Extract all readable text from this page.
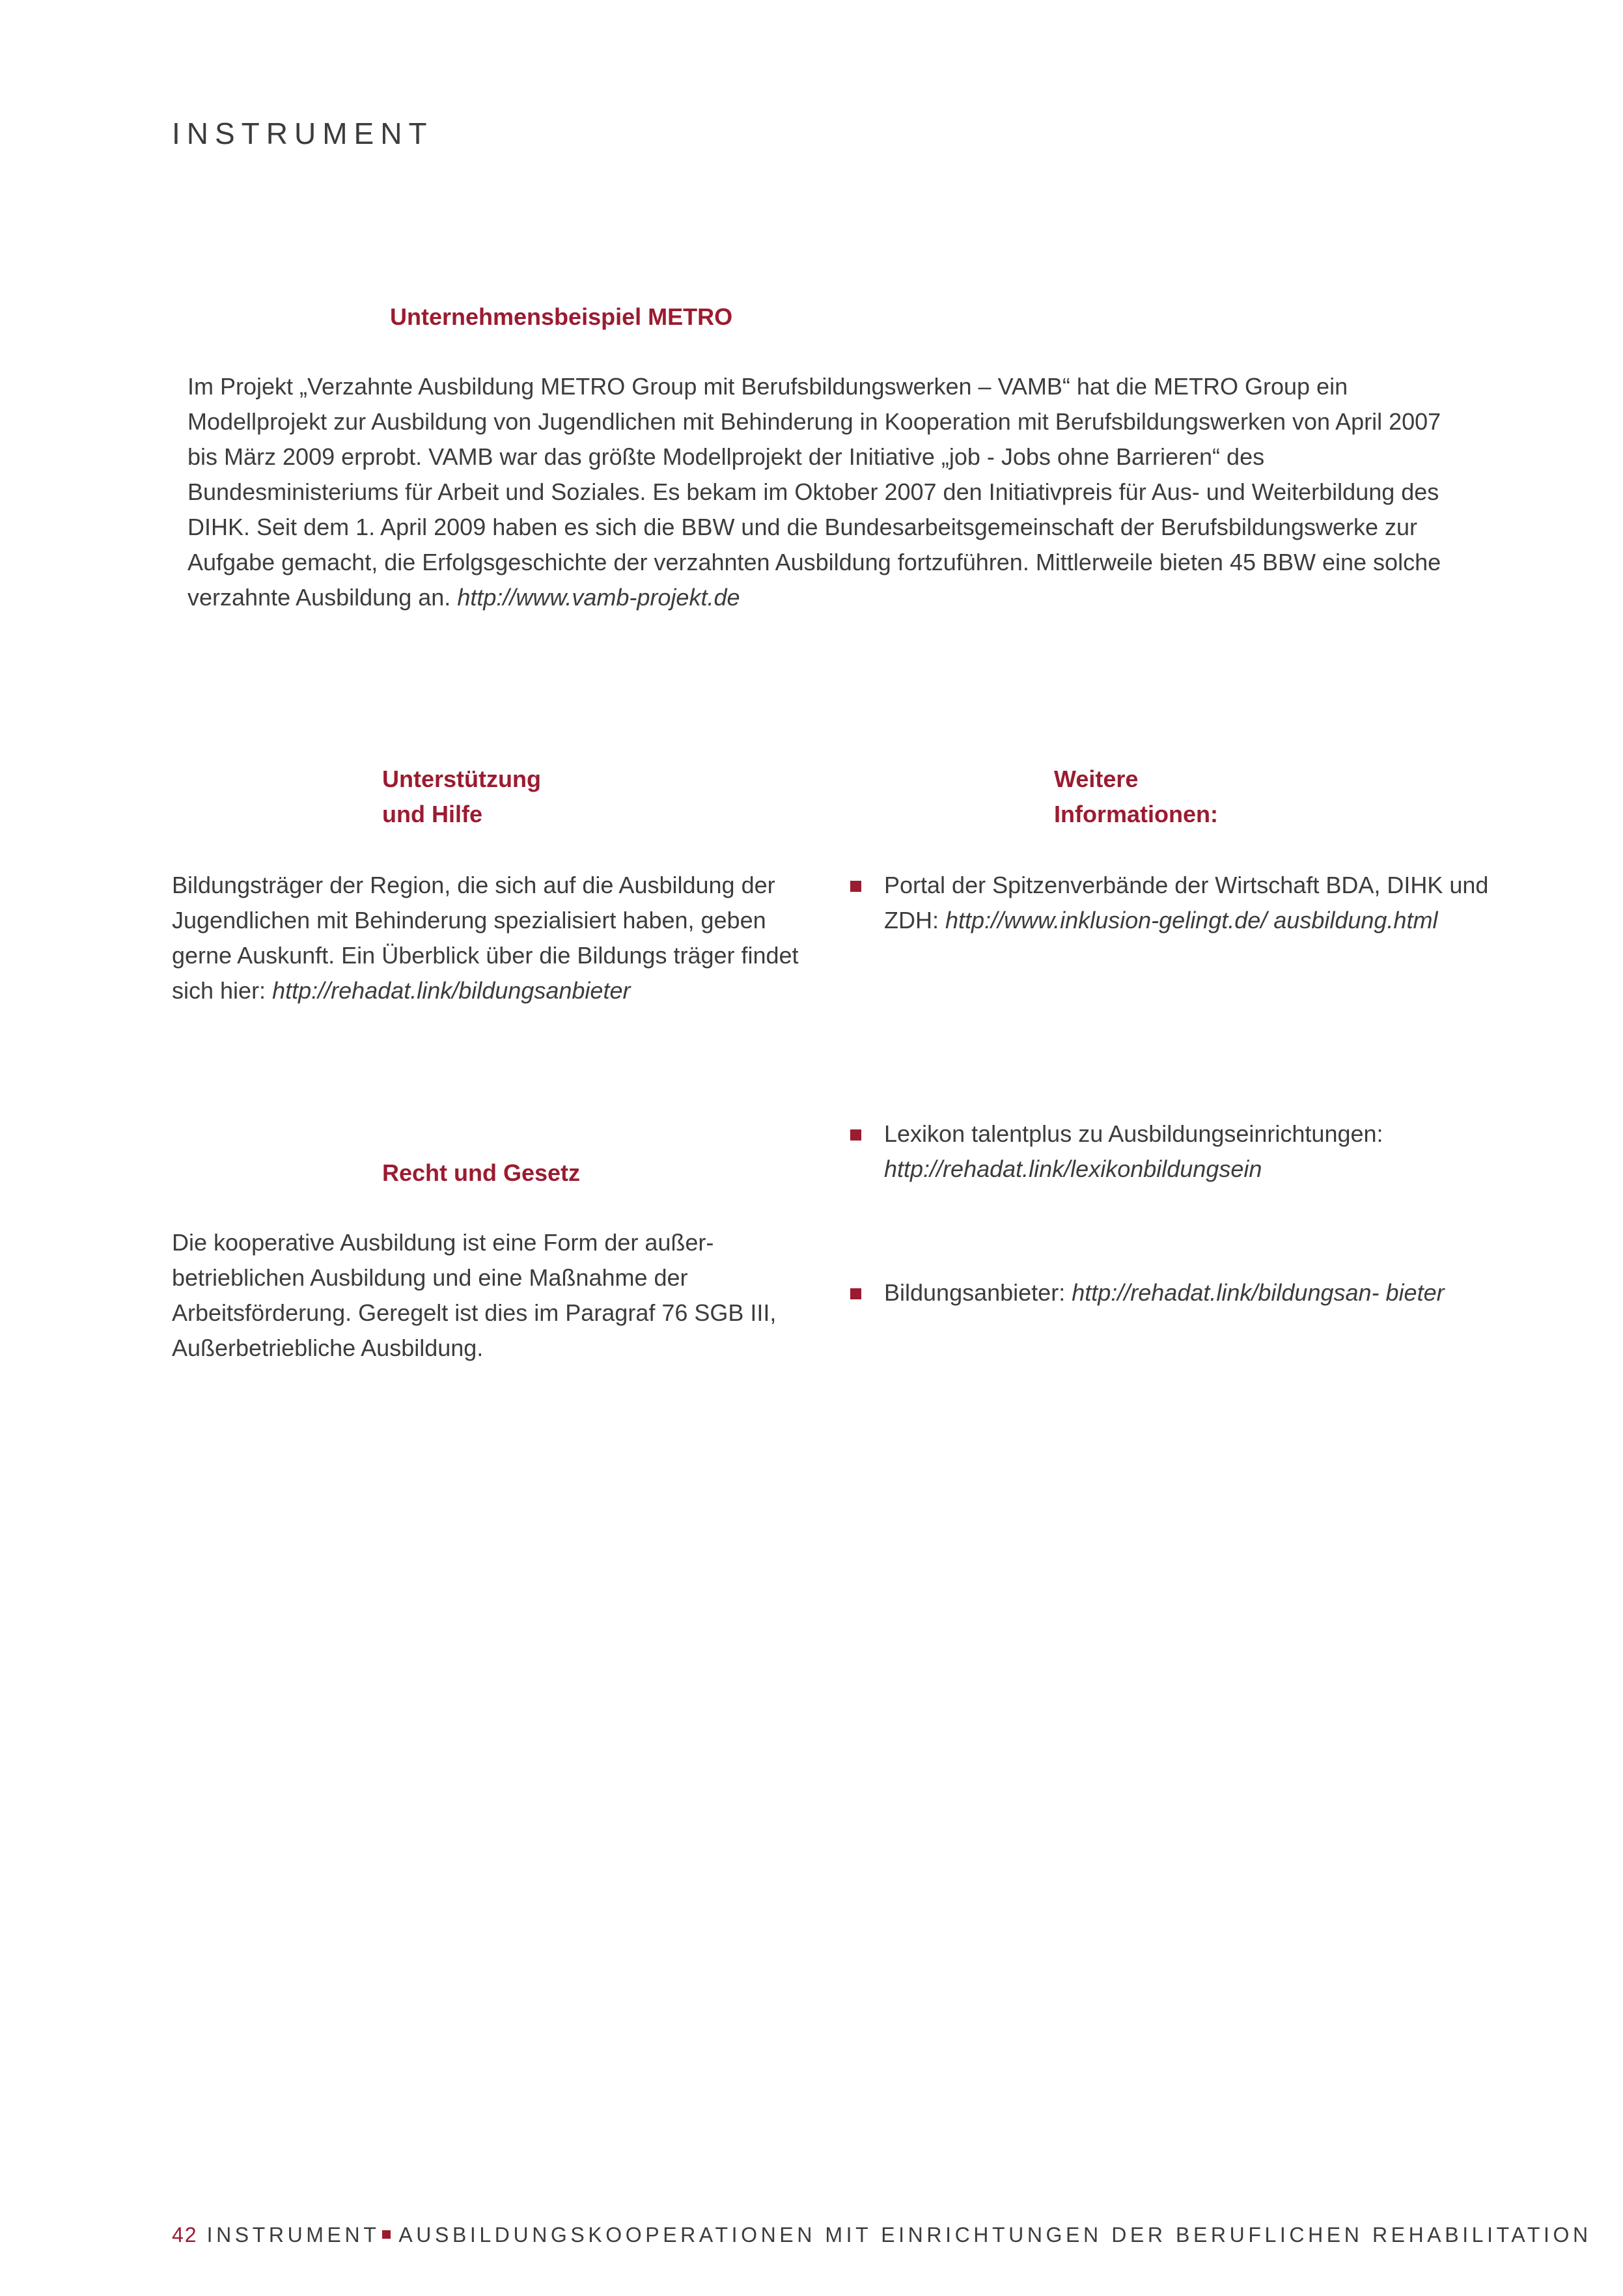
INSTRUMENT
Unternehmensbeispiel METRO

Im Projekt „Verzahnte Ausbildung METRO Group mit Berufsbildungswerken – VAMB“ hat die METRO Group ein Modellprojekt zur Ausbildung von Jugendlichen mit Behinderung in Kooperation mit Berufsbildungswerken von April 2007 bis März 2009 erprobt. VAMB war das größte Modellprojekt der Initiative „job - Jobs ohne Barrieren“ des Bundesministeriums für Arbeit und Soziales. Es bekam im Oktober 2007 den Initiativpreis für Aus- und Weiterbildung des DIHK. Seit dem 1. April 2009 haben es sich die BBW und die Bundesarbeitsgemeinschaft der Berufsbildungswerke zur Aufgabe gemacht, die Erfolgsgeschichte der verzahnten Ausbildung fortzuführen. Mittlerweile bieten 45 BBW eine solche verzahnte Ausbildung an. http://www.vamb-projekt.de

Unterstützung
und Hilfe

Bildungsträger der Region, die sich auf die Ausbildung der Jugendlichen mit Behinderung spezialisiert haben, geben gerne Auskunft. Ein Überblick über die Bildungs träger findet sich hier: http://rehadat.link/bildungsanbieter

Recht und Gesetz

Die kooperative Ausbildung ist eine Form der außer-betrieblichen Ausbildung und eine Maßnahme der Arbeitsförderung. Geregelt ist dies im Paragraf 76 SGB III, Außerbetriebliche Ausbildung.

Weitere
Informationen:
Portal der Spitzenverbände der Wirtschaft BDA, DIHK und ZDH: http://www.inklusion-gelingt.de/ ausbildung.html
Lexikon talentplus zu Ausbildungseinrichtungen: http://rehadat.link/lexikonbildungsein
Bildungsanbieter: http://rehadat.link/bildungsan- bieter
42 INSTRUMENT AUSBILDUNGSKOOPERATIONEN MIT EINRICHTUNGEN DER BERUFLICHEN REHABILITATION
